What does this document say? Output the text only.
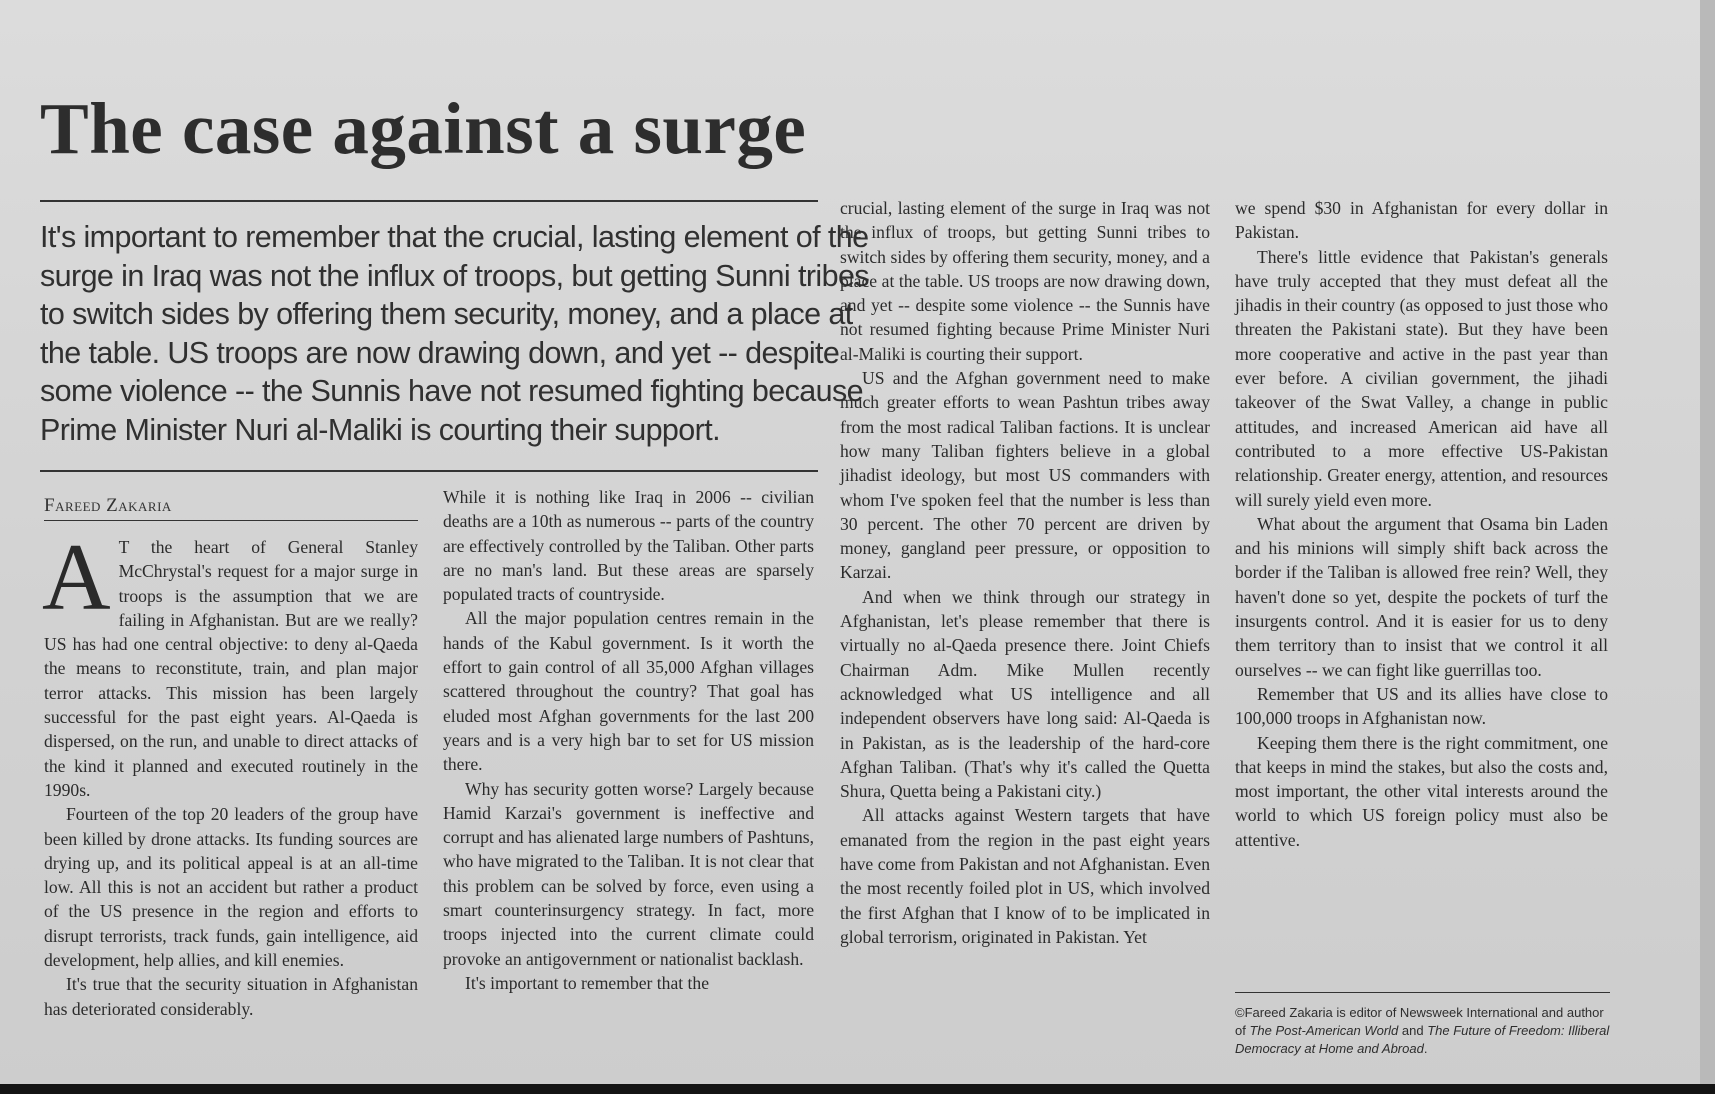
The case against a surge

It's important to remember that the crucial, lasting element of the

surge in Iraq was not the influx of troops, but getting Sunni tribes

to switch sides by offering them security, money, and a place at

the table. US troops are now drawing down, and yet -- despite

some violence -- the Sunnis have not resumed fighting because

Prime Minister Nuri al-Maliki is courting their support.

Fareed Zakaria

A T the heart of General Stanley McChrystal's request for a major surge in troops is the assumption that we are failing in Afghanistan. But are we really? US has had one central objective: to deny al-Qaeda the means to reconstitute, train, and plan major terror attacks. This mission has been largely successful for the past eight years. Al-Qaeda is dispersed, on the run, and unable to direct attacks of the kind it planned and executed routinely in the 1990s.

Fourteen of the top 20 leaders of the group have been killed by drone attacks. Its funding sources are drying up, and its political appeal is at an all-time low. All this is not an accident but rather a product of the US presence in the region and efforts to disrupt terrorists, track funds, gain intelligence, aid development, help allies, and kill enemies.

It's true that the security situation in Afghanistan has deteriorated considerably.

While it is nothing like Iraq in 2006 -- civilian deaths are a 10th as numerous -- parts of the country are effectively controlled by the Taliban. Other parts are no man's land. But these areas are sparsely populated tracts of countryside.

All the major population centres remain in the hands of the Kabul government. Is it worth the effort to gain control of all 35,000 Afghan villages scattered throughout the country? That goal has eluded most Afghan governments for the last 200 years and is a very high bar to set for US mission there.

Why has security gotten worse? Largely because Hamid Karzai's government is ineffective and corrupt and has alienated large numbers of Pashtuns, who have migrated to the Taliban. It is not clear that this problem can be solved by force, even using a smart counterinsurgency strategy. In fact, more troops injected into the current climate could provoke an antigovernment or nationalist backlash.

It's important to remember that the

crucial, lasting element of the surge in Iraq was not the influx of troops, but getting Sunni tribes to switch sides by offering them security, money, and a place at the table. US troops are now drawing down, and yet -- despite some violence -- the Sunnis have not resumed fighting because Prime Minister Nuri al-Maliki is courting their support.

US and the Afghan government need to make much greater efforts to wean Pashtun tribes away from the most radical Taliban factions. It is unclear how many Taliban fighters believe in a global jihadist ideology, but most US commanders with whom I've spoken feel that the number is less than 30 percent. The other 70 percent are driven by money, gangland peer pressure, or opposition to Karzai.

And when we think through our strategy in Afghanistan, let's please remember that there is virtually no al-Qaeda presence there. Joint Chiefs Chairman Adm. Mike Mullen recently acknowledged what US intelligence and all independent observers have long said: Al-Qaeda is in Pakistan, as is the leadership of the hard-core Afghan Taliban. (That's why it's called the Quetta Shura, Quetta being a Pakistani city.)

All attacks against Western targets that have emanated from the region in the past eight years have come from Pakistan and not Afghanistan. Even the most recently foiled plot in US, which involved the first Afghan that I know of to be implicated in global terrorism, originated in Pakistan. Yet

we spend $30 in Afghanistan for every dollar in Pakistan.

There's little evidence that Pakistan's generals have truly accepted that they must defeat all the jihadis in their country (as opposed to just those who threaten the Pakistani state). But they have been more cooperative and active in the past year than ever before. A civilian government, the jihadi takeover of the Swat Valley, a change in public attitudes, and increased American aid have all contributed to a more effective US-Pakistan relationship. Greater energy, attention, and resources will surely yield even more.

What about the argument that Osama bin Laden and his minions will simply shift back across the border if the Taliban is allowed free rein? Well, they haven't done so yet, despite the pockets of turf the insurgents control. And it is easier for us to deny them territory than to insist that we control it all ourselves -- we can fight like guerrillas too.

Remember that US and its allies have close to 100,000 troops in Afghanistan now.

Keeping them there is the right commitment, one that keeps in mind the stakes, but also the costs and, most important, the other vital interests around the world to which US foreign policy must also be attentive.

©Fareed Zakaria is editor of Newsweek International and author of The Post-American World and The Future of Freedom: Illiberal Democracy at Home and Abroad.
